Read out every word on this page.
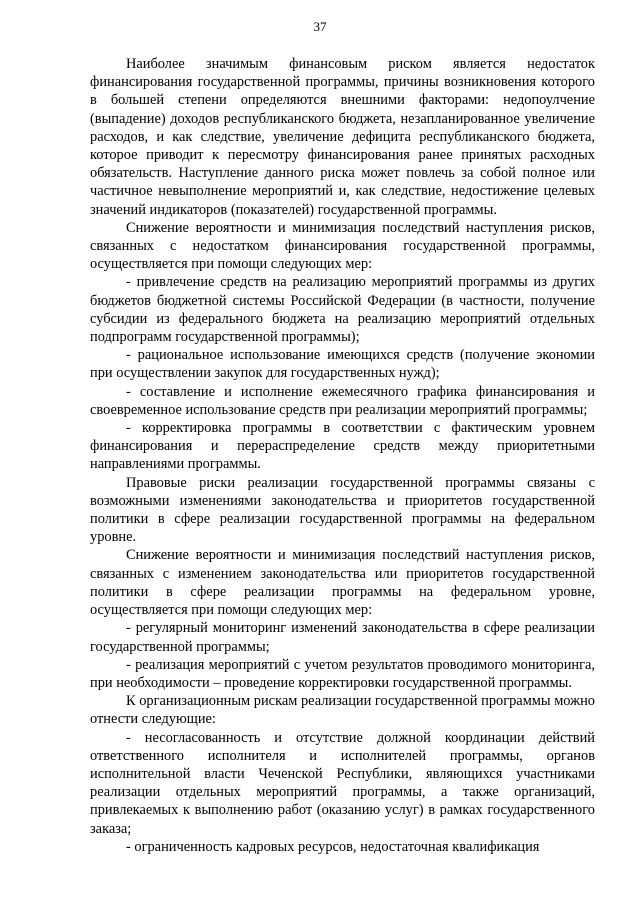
37

Наиболее значимым финансовым риском является недостаток финансирования государственной программы, причины возникновения которого в большей степени определяются внешними факторами: недопоулчение (выпадение) доходов республиканского бюджета, незапланированное увеличение расходов, и как следствие, увеличение дефицита республиканского бюджета, которое приводит к пересмотру финансирования ранее принятых расходных обязательств. Наступление данного риска может повлечь за собой полное или частичное невыполнение мероприятий и, как следствие, недостижение целевых значений индикаторов (показателей) государственной программы.

Снижение вероятности и минимизация последствий наступления рисков, связанных с недостатком финансирования государственной программы, осуществляется при помощи следующих мер:

- привлечение средств на реализацию мероприятий программы из других бюджетов бюджетной системы Российской Федерации (в частности, получение субсидии из федерального бюджета на реализацию мероприятий отдельных подпрограмм государственной программы);

- рациональное использование имеющихся средств (получение экономии при осуществлении закупок для государственных нужд);

- составление и исполнение ежемесячного графика финансирования и своевременное использование средств при реализации мероприятий программы;

- корректировка программы в соответствии с фактическим уровнем финансирования и перераспределение средств между приоритетными направлениями программы.

Правовые риски реализации государственной программы связаны с возможными изменениями законодательства и приоритетов государственной политики в сфере реализации государственной программы на федеральном уровне.

Снижение вероятности и минимизация последствий наступления рисков, связанных с изменением законодательства или приоритетов государственной политики в сфере реализации программы на федеральном уровне, осуществляется при помощи следующих мер:

- регулярный мониторинг изменений законодательства в сфере реализации государственной программы;

- реализация мероприятий с учетом результатов проводимого мониторинга, при необходимости – проведение корректировки государственной программы.

К организационным рискам реализации государственной программы можно отнести следующие:

- несогласованность и отсутствие должной координации действий ответственного исполнителя и исполнителей программы, органов исполнительной власти Чеченской Республики, являющихся участниками реализации отдельных мероприятий программы, а также организаций, привлекаемых к выполнению работ (оказанию услуг) в рамках государственного заказа;

- ограниченность кадровых ресурсов, недостаточная квалификация
